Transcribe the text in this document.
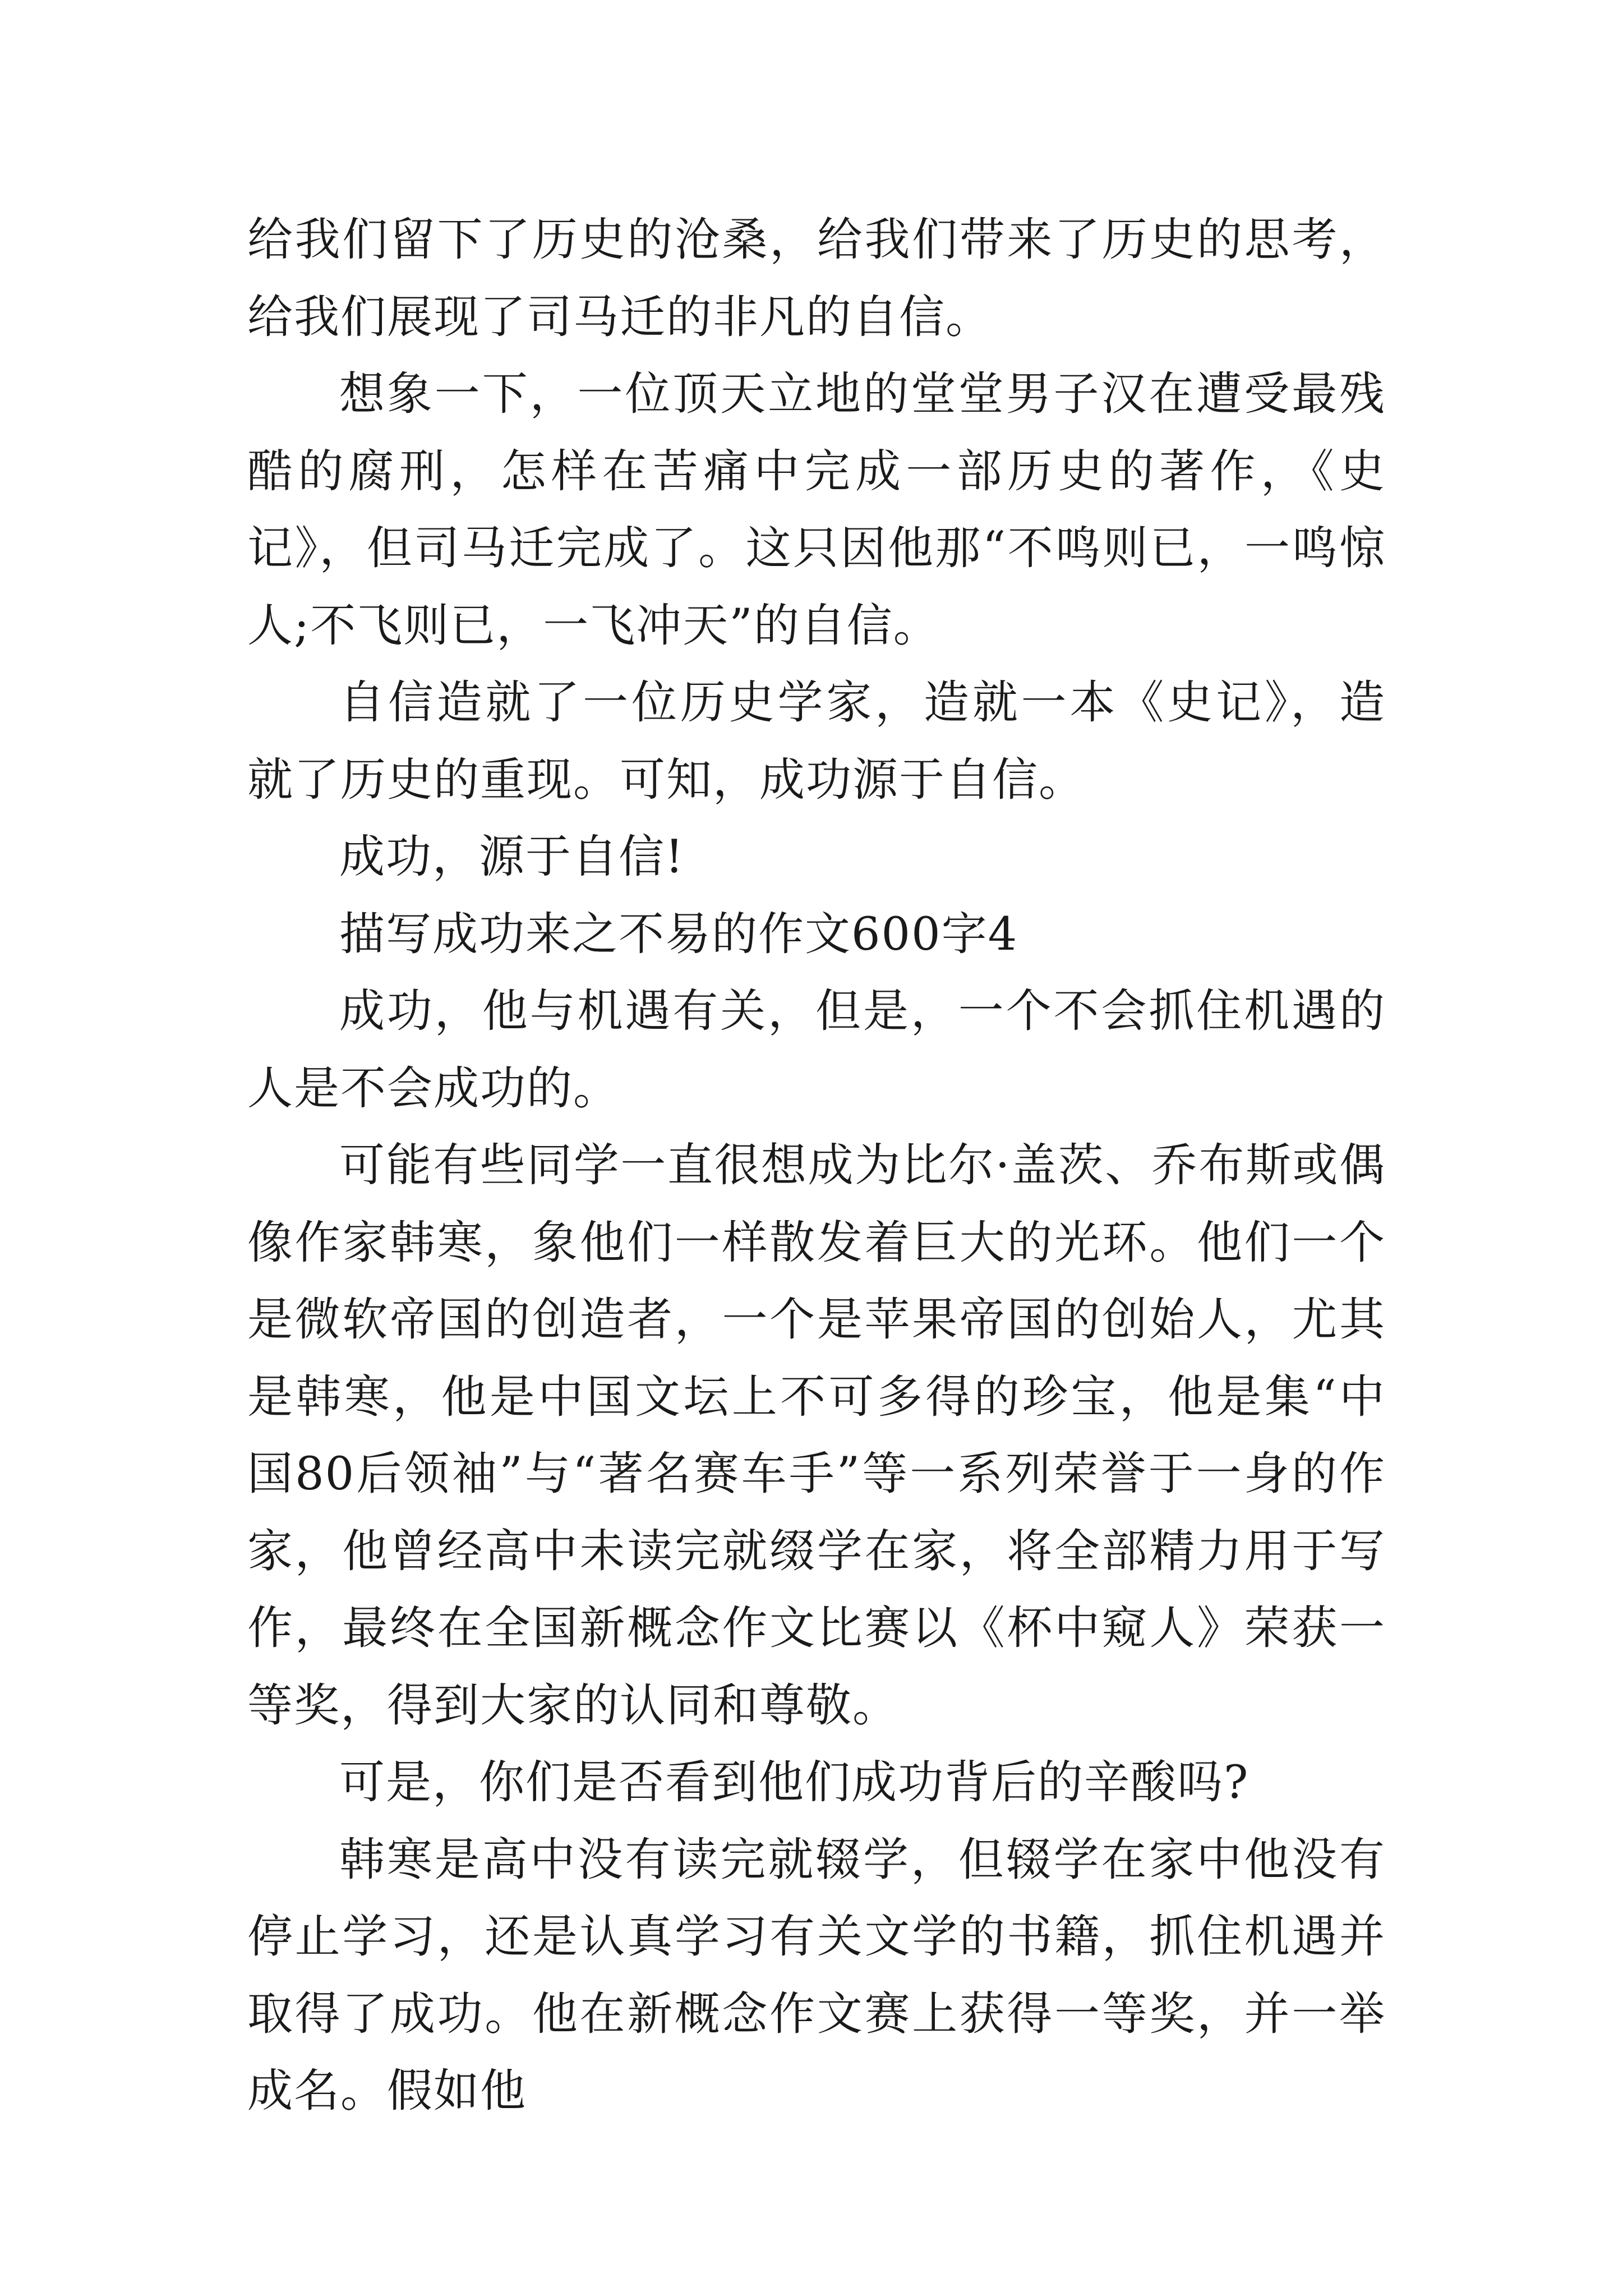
给我们留下了历史的沧桑，给我们带来了历史的思考，给我们展现了司马迁的非凡的自信。

想象一下，一位顶天立地的堂堂男子汉在遭受最残酷的腐刑，怎样在苦痛中完成一部历史的著作，《史记》，但司马迁完成了。这只因他那“不鸣则已，一鸣惊人;不飞则已，一飞冲天”的自信。

自信造就了一位历史学家，造就一本《史记》，造就了历史的重现。可知，成功源于自信。

成功，源于自信!

描写成功来之不易的作文600字4

成功，他与机遇有关，但是，一个不会抓住机遇的人是不会成功的。

可能有些同学一直很想成为比尔·盖茨、乔布斯或偶像作家韩寒，象他们一样散发着巨大的光环。他们一个是微软帝国的创造者，一个是苹果帝国的创始人，尤其是韩寒，他是中国文坛上不可多得的珍宝，他是集“中国80后领袖”与“著名赛车手”等一系列荣誉于一身的作家，他曾经高中未读完就缀学在家，将全部精力用于写作，最终在全国新概念作文比赛以《杯中窥人》荣获一等奖，得到大家的认同和尊敬。

可是，你们是否看到他们成功背后的辛酸吗?

韩寒是高中没有读完就辍学，但辍学在家中他没有停止学习，还是认真学习有关文学的书籍，抓住机遇并取得了成功。他在新概念作文赛上获得一等奖，并一举成名。假如他
